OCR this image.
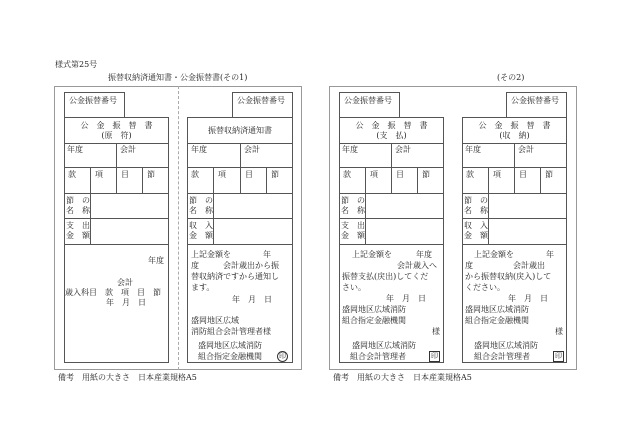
様式第25号
振替収納済通知書・公金振替書(その1)	(その2)
公金振替番号
公　金　振　替　書
(原　符)
年度	会計
款 項 目 節
節　の
名　称
支　出
金　額
年度
会計
歳入科目　款　項　目　節
年　月　日
公金振替番号
振替収納済通知書
年度	会計
款 項 目 節
節　の
名　称
収　入
金　額
上記金額を　　　　年
度　　　会計歳出から振
替収納済ですから通知し
ます。
年　月　日
盛岡地区広域
消防組合会計管理者様
盛岡地区広域消防
組合指定金融機関 印
備考　用紙の大きさ　日本産業規格A5
公金振替番号
公　金　振　替　書
(支　払)
年度	会計
款 項 目 節
節　の
名　称
支　出
金　額
上記金額を　　　年度
会計歳入へ
振替支払(戻出)してくだ
さい。
年　月　日
盛岡地区広域消防
組合指定金融機関
様
盛岡地区広域消防
組合会計管理者	印
公金振替番号
公　金　振　替　書
(収　納)
年度	会計
款 項 目 節
節　の
名　称
収　入
金　額
上記金額を　　　　年
度　　　　　会計歳出
から振替収納(戻入)して
ください。
年　月　日
盛岡地区広域消防
組合指定金融機関
様
盛岡地区広域消防
組合会計管理者	印
備考　用紙の大きさ　日本産業規格A5
